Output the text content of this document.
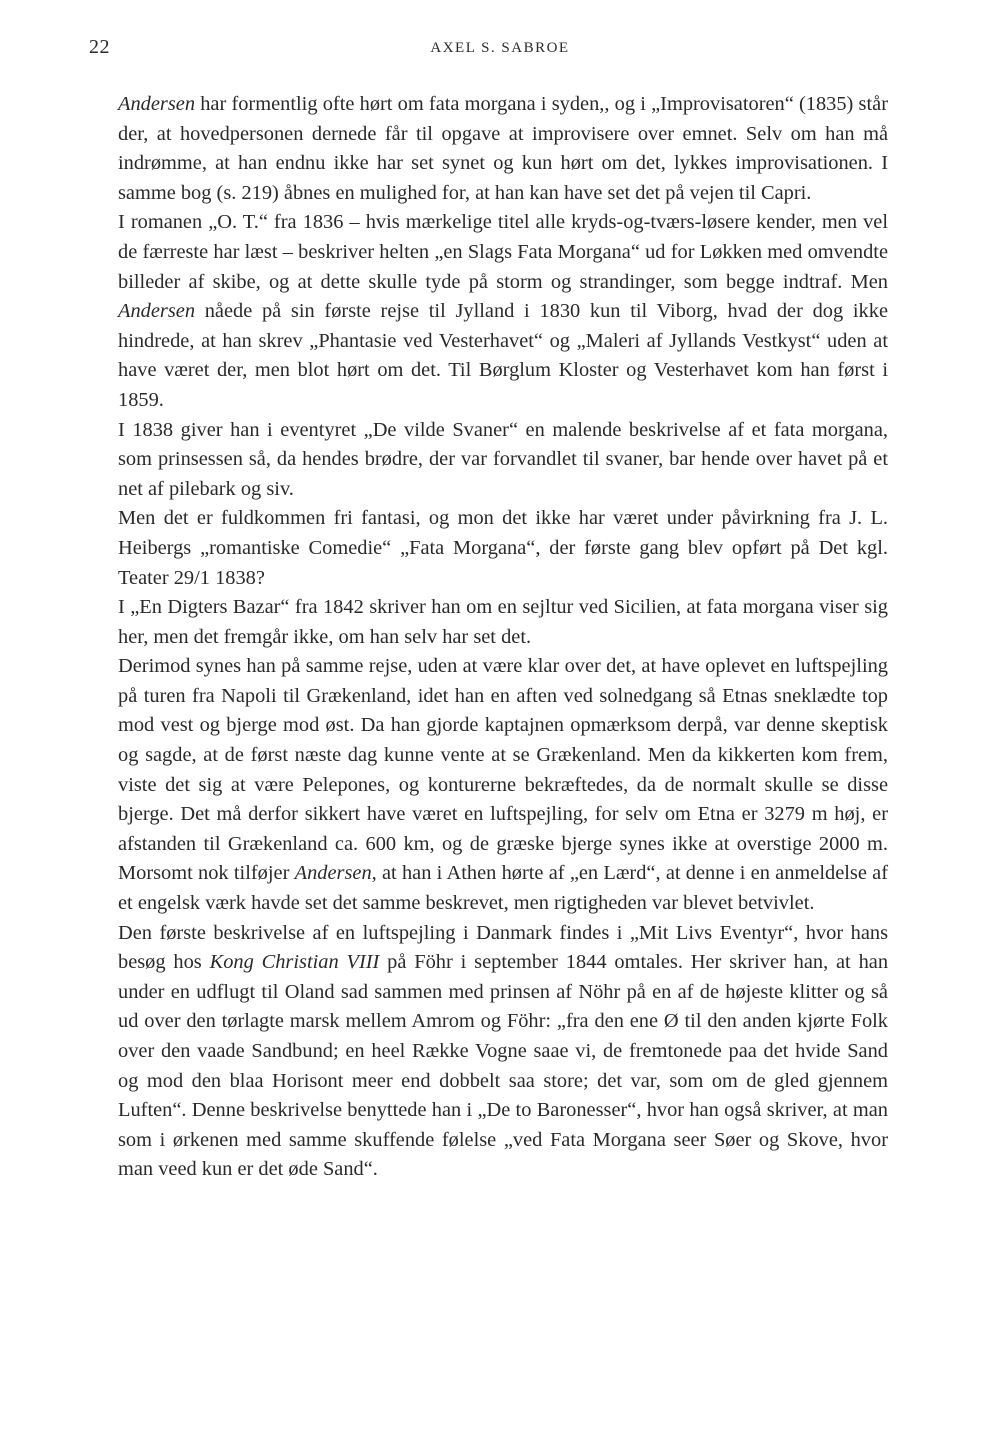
22	AXEL S. SABROE

Andersen har formentlig ofte hørt om fata morgana i syden,, og i „Improvisatoren“ (1835) står der, at hovedpersonen dernede får til opgave at improvisere over emnet. Selv om han må indrømme, at han endnu ikke har set synet og kun hørt om det, lykkes improvisationen. I samme bog (s. 219) åbnes en mulighed for, at han kan have set det på vejen til Capri.

I romanen „O. T.“ fra 1836 – hvis mærkelige titel alle kryds-og-tværs-løsere kender, men vel de færreste har læst – beskriver helten „en Slags Fata Morgana“ ud for Løkken med omvendte billeder af skibe, og at dette skulle tyde på storm og strandinger, som begge indtraf. Men Andersen nåede på sin første rejse til Jylland i 1830 kun til Viborg, hvad der dog ikke hindrede, at han skrev „Phantasie ved Vesterhavet“ og „Maleri af Jyllands Vestkyst“ uden at have været der, men blot hørt om det. Til Børglum Kloster og Vesterhavet kom han først i 1859.

I 1838 giver han i eventyret „De vilde Svaner“ en malende beskrivelse af et fata morgana, som prinsessen så, da hendes brødre, der var forvandlet til svaner, bar hende over havet på et net af pilebark og siv.

Men det er fuldkommen fri fantasi, og mon det ikke har været under påvirkning fra J. L. Heibergs „romantiske Comedie“ „Fata Morgana“, der første gang blev opført på Det kgl. Teater 29/1 1838?

I „En Digters Bazar“ fra 1842 skriver han om en sejltur ved Sicilien, at fata morgana viser sig her, men det fremgår ikke, om han selv har set det.

Derimod synes han på samme rejse, uden at være klar over det, at have oplevet en luftspejling på turen fra Napoli til Grækenland, idet han en aften ved solnedgang så Etnas sneklædte top mod vest og bjerge mod øst. Da han gjorde kaptajnen opmærksom derpå, var denne skeptisk og sagde, at de først næste dag kunne vente at se Grækenland. Men da kikkerten kom frem, viste det sig at være Pelepones, og konturerne bekræftedes, da de normalt skulle se disse bjerge. Det må derfor sikkert have været en luftspejling, for selv om Etna er 3279 m høj, er afstanden til Grækenland ca. 600 km, og de græske bjerge synes ikke at overstige 2000 m. Morsomt nok tilføjer Andersen, at han i Athen hørte af „en Lærd“, at denne i en anmeldelse af et engelsk værk havde set det samme beskrevet, men rigtigheden var blevet betvivlet.

Den første beskrivelse af en luftspejling i Danmark findes i „Mit Livs Eventyr“, hvor hans besøg hos Kong Christian VIII på Föhr i september 1844 omtales. Her skriver han, at han under en udflugt til Oland sad sammen med prinsen af Nöhr på en af de højeste klitter og så ud over den tørlagte marsk mellem Amrom og Föhr: „fra den ene Ø til den anden kjørte Folk over den vaade Sandbund; en heel Række Vogne saae vi, de fremtonede paa det hvide Sand og mod den blaa Horisont meer end dobbelt saa store; det var, som om de gled gjennem Luften“. Denne beskrivelse benyttede han i „De to Baronesser“, hvor han også skriver, at man som i ørkenen med samme skuffende følelse „ved Fata Morgana seer Søer og Skove, hvor man veed kun er det øde Sand“.
